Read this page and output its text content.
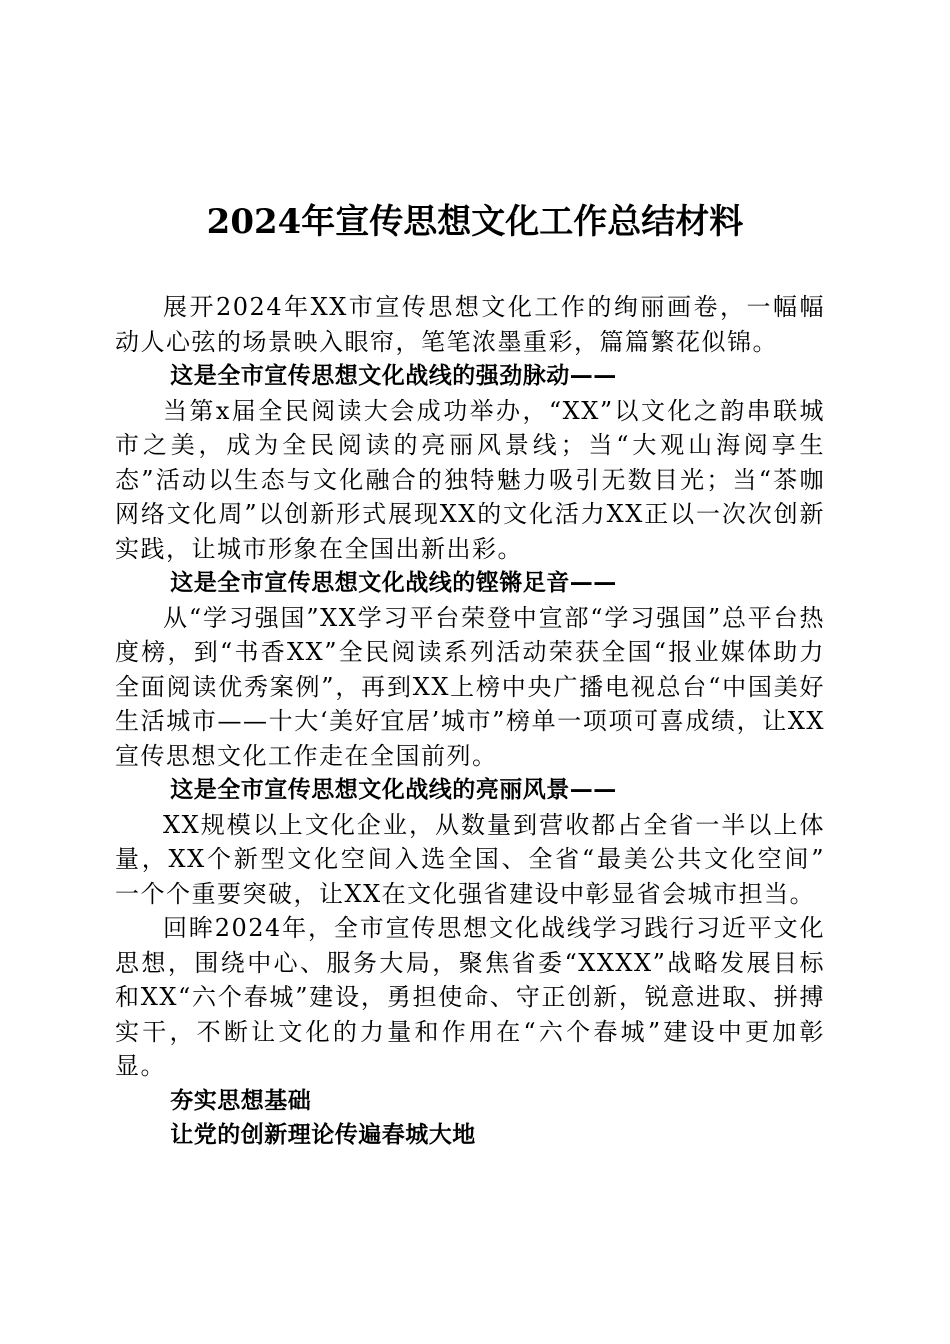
2024年宣传思想文化工作总结材料

展开2024年XX市宣传思想文化工作的绚丽画卷，一幅幅动人心弦的场景映入眼帘，笔笔浓墨重彩，篇篇繁花似锦。

这是全市宣传思想文化战线的强劲脉动——

当第x届全民阅读大会成功举办，“XX”以文化之韵串联城市之美，成为全民阅读的亮丽风景线；当“大观山海阅享生态”活动以生态与文化融合的独特魅力吸引无数目光；当“茶咖网络文化周”以创新形式展现XX的文化活力XX正以一次次创新实践，让城市形象在全国出新出彩。

这是全市宣传思想文化战线的铿锵足音——

从“学习强国”XX学习平台荣登中宣部“学习强国”总平台热度榜，到“书香XX”全民阅读系列活动荣获全国“报业媒体助力全面阅读优秀案例”，再到XX上榜中央广播电视总台“中国美好生活城市——十大‘美好宜居’城市”榜单一项项可喜成绩，让XX宣传思想文化工作走在全国前列。

这是全市宣传思想文化战线的亮丽风景——

XX规模以上文化企业，从数量到营收都占全省一半以上体量，XX个新型文化空间入选全国、全省“最美公共文化空间” 一个个重要突破，让XX在文化强省建设中彰显省会城市担当。

回眸2024年，全市宣传思想文化战线学习践行习近平文化思想，围绕中心、服务大局，聚焦省委“XXXX”战略发展目标和XX“六个春城”建设，勇担使命、守正创新，锐意进取、拼搏实干，不断让文化的力量和作用在“六个春城”建设中更加彰显。

夯实思想基础

让党的创新理论传遍春城大地
